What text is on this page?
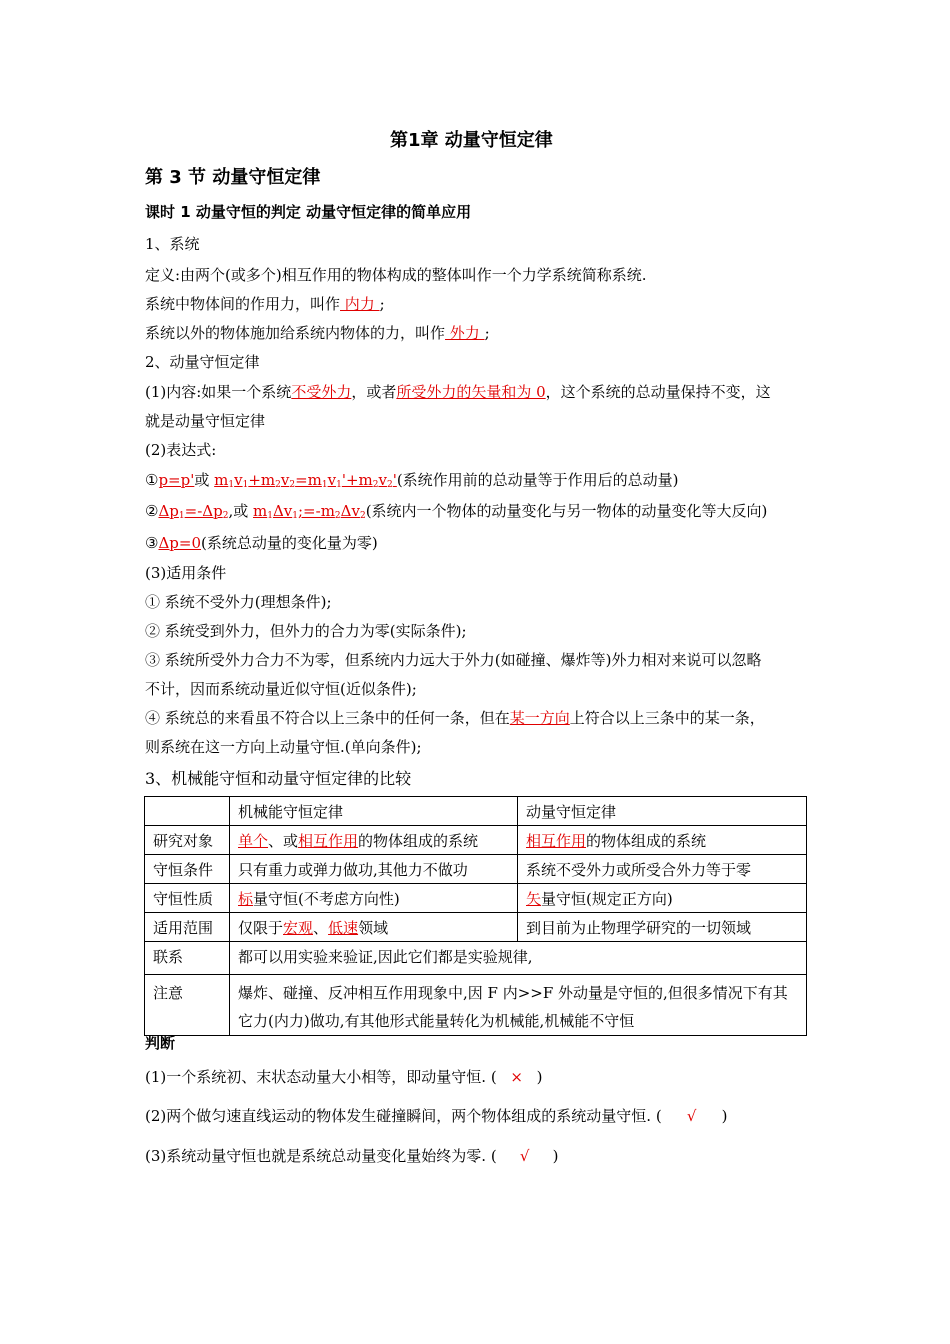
第1章 动量守恒定律
第 3 节 动量守恒定律
课时 1 动量守恒的判定 动量守恒定律的简单应用
1、系统
定义:由两个(或多个)相互作用的物体构成的整体叫作一个力学系统简称系统.
系统中物体间的作用力，叫作 内力 ;
系统以外的物体施加给系统内物体的力，叫作 外力 ;
2、动量守恒定律
(1)内容:如果一个系统不受外力，或者所受外力的矢量和为 0，这个系统的总动量保持不变，这
就是动量守恒定律
(2)表达式:
①p=p'或 $m_1v_1+m_2v_2=m_1v_1'+m_2v_2'$(系统作用前的总动量等于作用后的总动量)
$②\Delta p_1=-\Delta p_2$,或 $m_1\Delta v_1;=-m_2\Delta v_2$(系统内一个物体的动量变化与另一物体的动量变化等大反向)
③Δp=0(系统总动量的变化量为零)
(3)适用条件
① 系统不受外力(理想条件);
② 系统受到外力，但外力的合力为零(实际条件);
③ 系统所受外力合力不为零，但系统内力远大于外力(如碰撞、爆炸等)外力相对来说可以忽略
不计，因而系统动量近似守恒(近似条件);
④ 系统总的来看虽不符合以上三条中的任何一条，但在某一方向上符合以上三条中的某一条，
则系统在这一方向上动量守恒.(单向条件);
3、机械能守恒和动量守恒定律的比较
	机械能守恒定律	动量守恒定律
研究对象	单个、或相互作用的物体组成的系统	相互作用的物体组成的系统
守恒条件	只有重力或弹力做功,其他力不做功	系统不受外力或所受合外力等于零
守恒性质	标量守恒(不考虑方向性)	矢量守恒(规定正方向)
适用范围	仅限于宏观、低速领域	到目前为止物理学研究的一切领域
联系	都可以用实验来验证,因此它们都是实验规律,	
注意	爆炸、碰撞、反冲相互作用现象中,因 F 内>>F 外动量是守恒的,但很多情况下有其它力(内力)做功,有其他形式能量转化为机械能,机械能不守恒	
判断
(1)一个系统初、末状态动量大小相等，即动量守恒. ( × )
(2)两个做匀速直线运动的物体发生碰撞瞬间，两个物体组成的系统动量守恒. ( √ )
(3)系统动量守恒也就是系统总动量变化量始终为零. ( √ )
